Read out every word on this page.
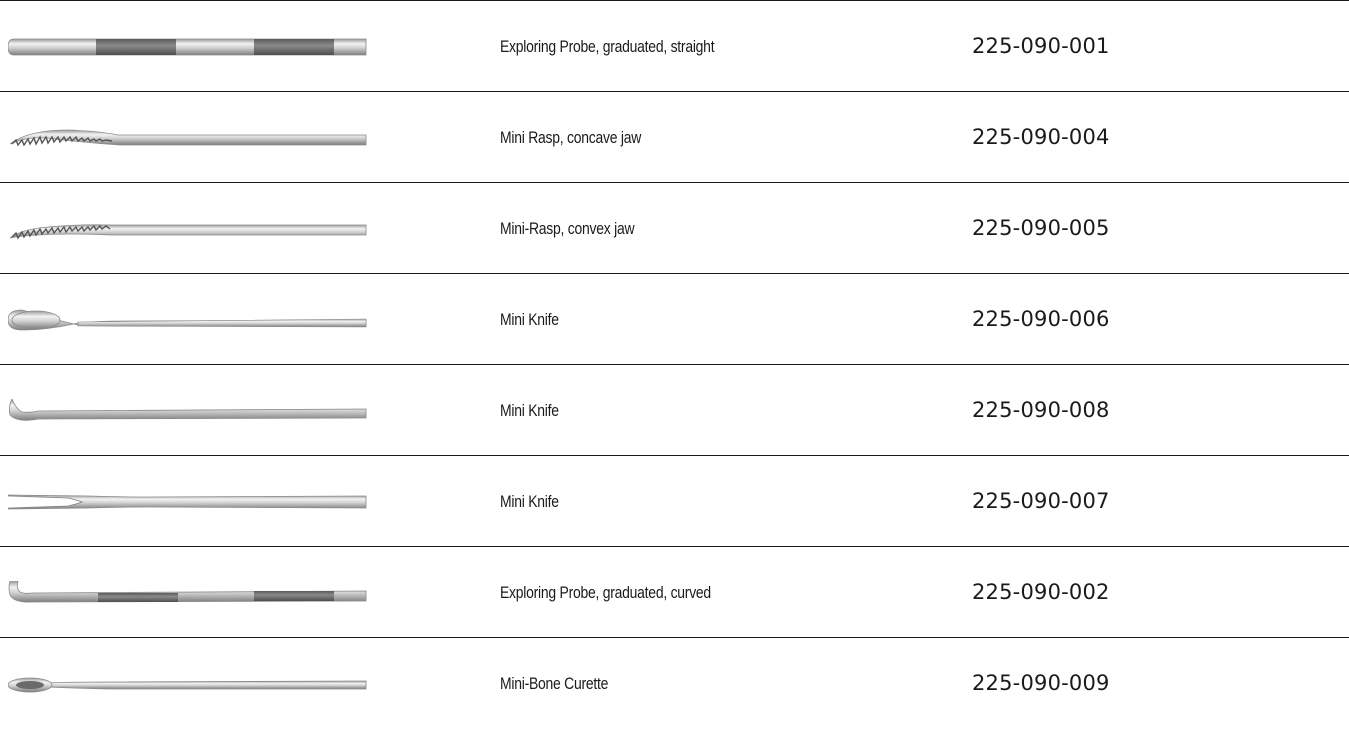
Exploring Probe, graduated, straight	225-090-001
Mini Rasp, concave jaw	225-090-004
Mini-Rasp, convex jaw	225-090-005
Mini Knife	225-090-006
Mini Knife	225-090-008
Mini Knife	225-090-007
Exploring Probe, graduated, curved	225-090-002
Mini-Bone Curette	225-090-009
